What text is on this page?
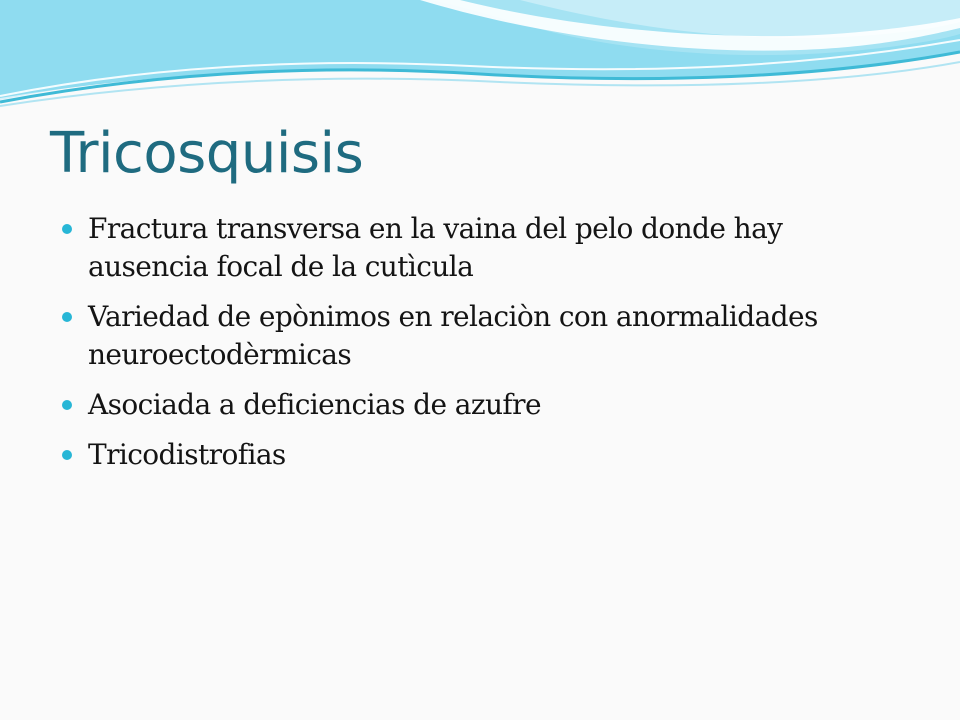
Tricosquisis
Fractura transversa en la vaina del pelo donde hay
ausencia focal de la cutìcula
Variedad de epònimos en relaciòn con anormalidades
neuroectodèrmicas
Asociada a deficiencias de azufre
Tricodistrofias
